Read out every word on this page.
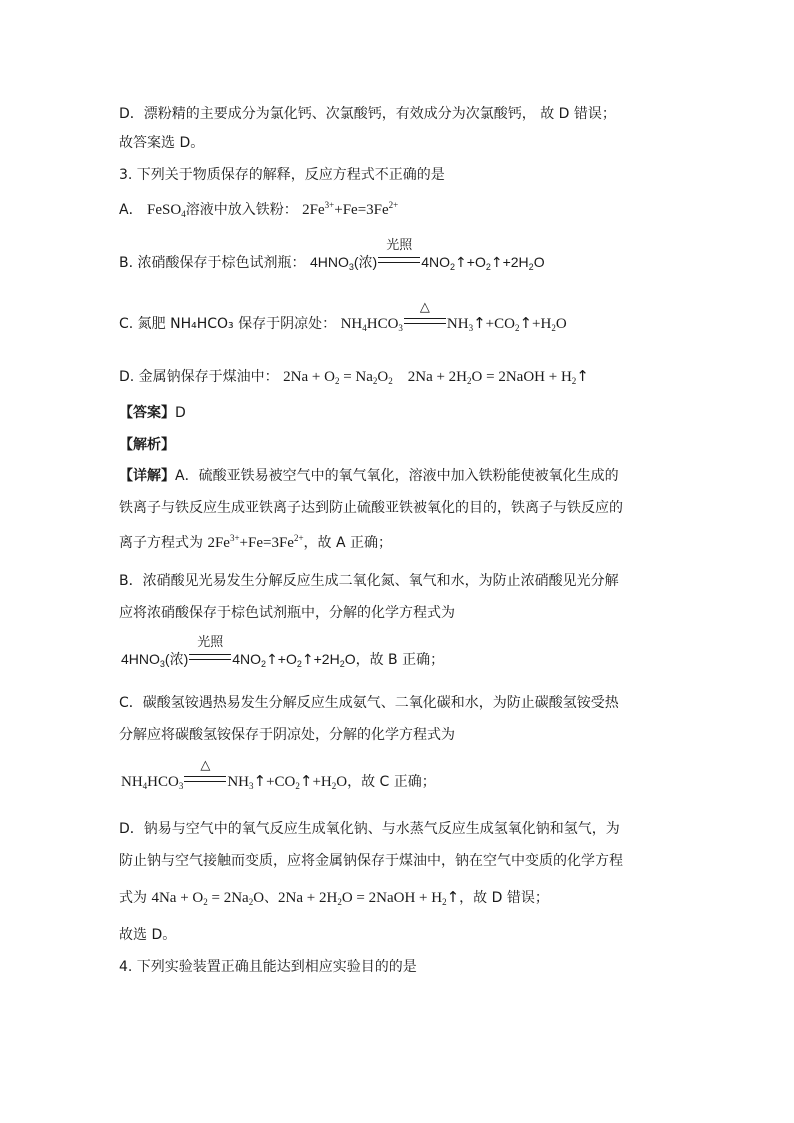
D．漂粉精的主要成分为氯化钙、次氯酸钙，有效成分为次氯酸钙， 故 D 错误；
故答案选 D。
3. 下列关于物质保存的解释，反应方程式不正确的是
A． FeSO$_4$溶液中放入铁粉： $2Fe^{3+}+Fe=3Fe^{2+}$
B. 浓硝酸保存于棕色试剂瓶： $4HNO_3$(浓)
光照
$4NO_2↑+O_2↑+2H_2O$
C. 氮肥 NH₄HCO₃ 保存于阴凉处： $NH_4HCO_3$
△
$NH_3↑+CO_2↑+H_2O$
D. 金属钠保存于煤油中： $2Na + O_2 = Na_2O_2$    $2Na + 2H_2O$ = 2NaOH + $H_2↑$
【答案】D
【解析】
【详解】A．硫酸亚铁易被空气中的氧气氧化，溶液中加入铁粉能使被氧化生成的
铁离子与铁反应生成亚铁离子达到防止硫酸亚铁被氧化的目的，铁离子与铁反应的
离子方程式为 $2Fe^{3+}+Fe=3Fe^{2+}$，故 A 正确；
B．浓硝酸见光易发生分解反应生成二氧化氮、氧气和水，为防止浓硝酸见光分解
应将浓硝酸保存于棕色试剂瓶中，分解的化学方程式为
$4HNO_3$(浓)
光照
$4NO_2↑+O_2↑+2H_2O$，故 B 正确；
C．碳酸氢铵遇热易发生分解反应生成氨气、二氧化碳和水，为防止碳酸氢铵受热
分解应将碳酸氢铵保存于阴凉处，分解的化学方程式为
$NH_4HCO_3$
△
$NH_3↑+CO_2↑+H_2O$，故 C 正确；
D．钠易与空气中的氧气反应生成氧化钠、与水蒸气反应生成氢氧化钠和氢气，为
防止钠与空气接触而变质，应将金属钠保存于煤油中，钠在空气中变质的化学方程
式为 $4Na + O_2 = 2Na_2O$、$2Na + 2H_2O$ = 2NaOH + $H_2↑$，故 D 错误；
故选 D。
4. 下列实验装置正确且能达到相应实验目的的是
